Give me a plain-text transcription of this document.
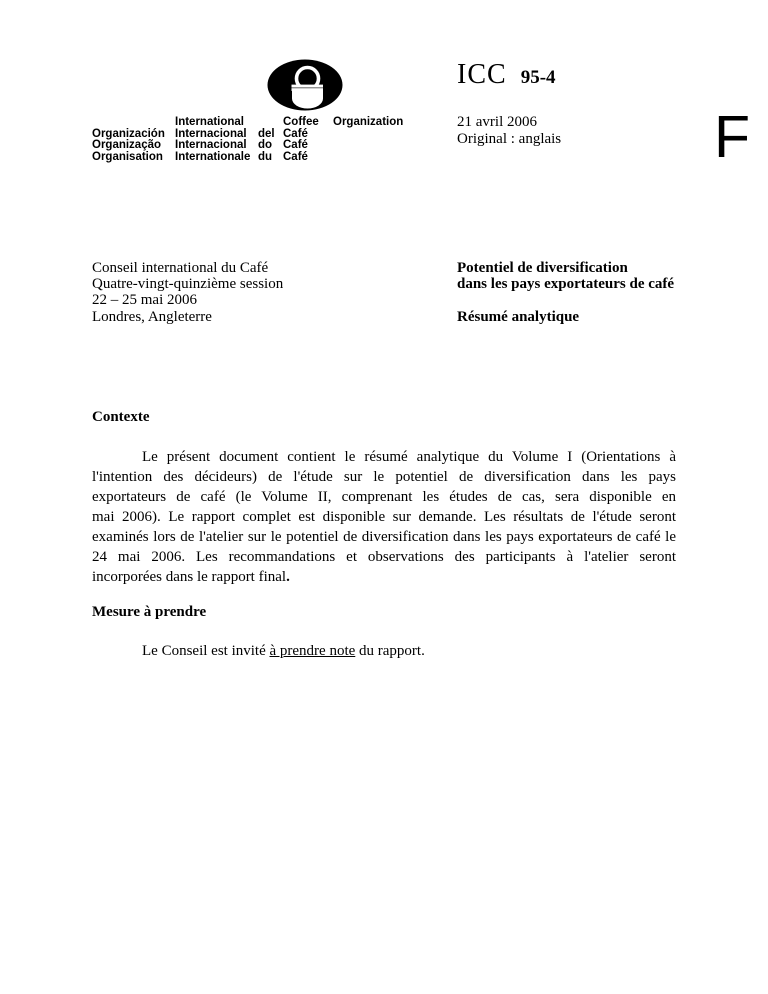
International	Coffee	Organization
Organización Internacional del Café
Organização	Internacional do Café
Organisation	Internationale du Café
ICC 95-4
21 avril 2006
Original : anglais	F
Conseil international du Café
Quatre-vingt-quinzième session
22 – 25 mai 2006
Londres, Angleterre
Potentiel de diversification
dans les pays exportateurs de café
Résumé analytique
Contexte
Le présent document contient le résumé analytique du Volume I (Orientations à
l'intention des décideurs) de l'étude sur le potentiel de diversification dans les pays
exportateurs de café (le Volume II, comprenant les études de cas, sera disponible en
mai 2006). Le rapport complet est disponible sur demande. Les résultats de l'étude seront
examinés lors de l'atelier sur le potentiel de diversification dans les pays exportateurs de café le
24 mai 2006. Les recommandations et observations des participants à l'atelier seront
incorporées dans le rapport final.
Mesure à prendre
Le Conseil est invité à prendre note du rapport.
